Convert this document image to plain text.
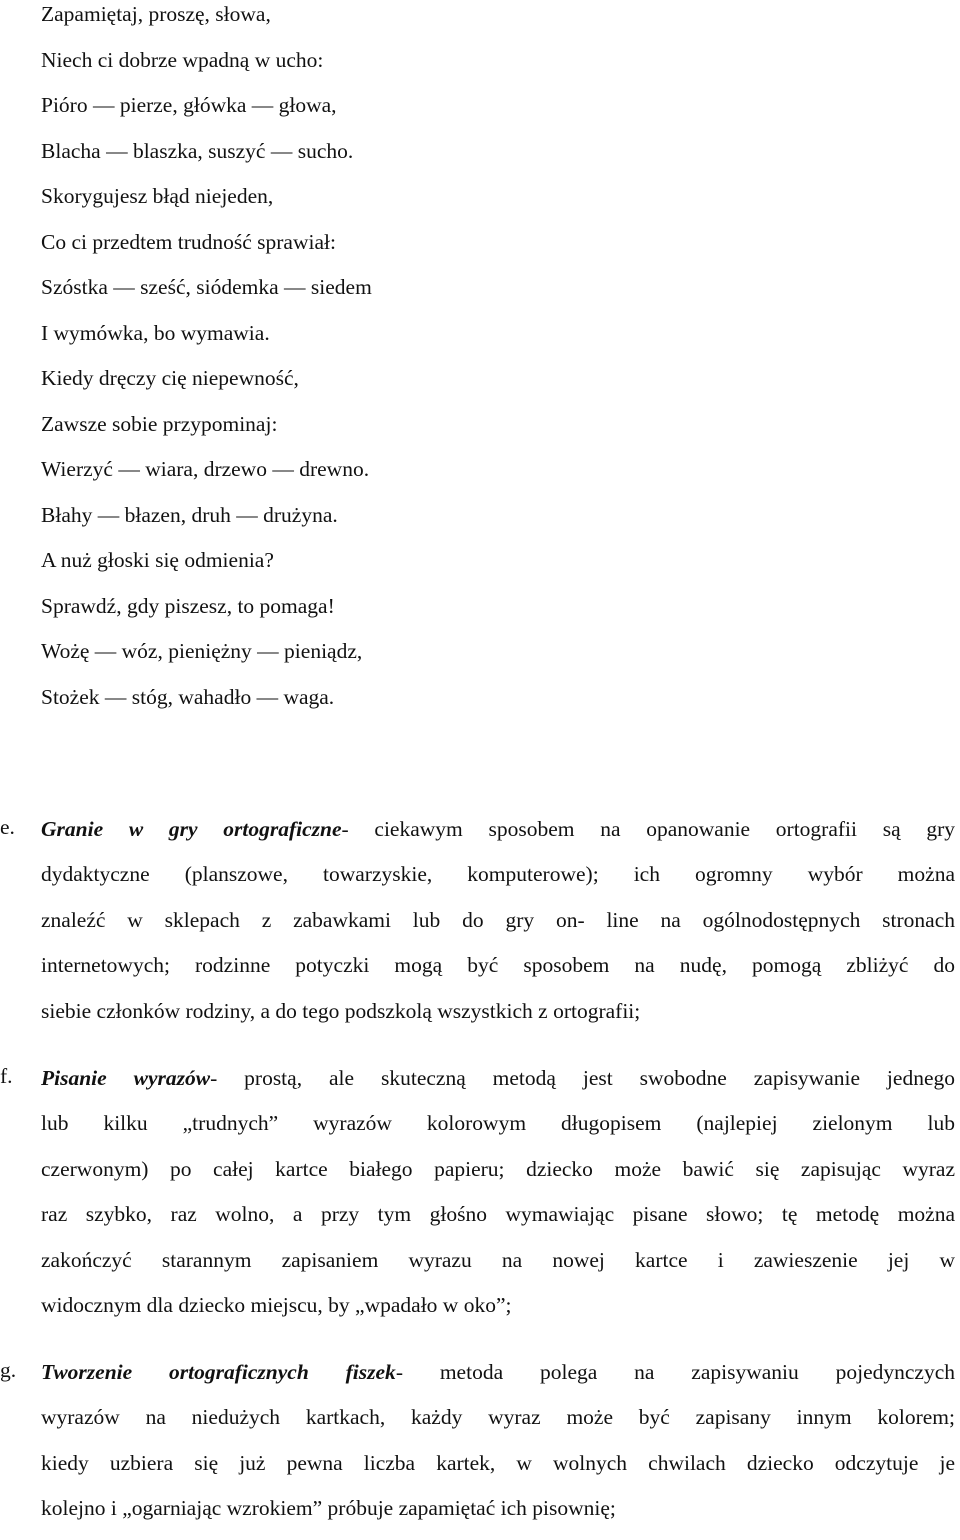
Zapamiętaj, proszę, słowa,
Niech ci dobrze wpadną w ucho:
Pióro — pierze, główka — głowa,
Blacha — blaszka, suszyć — sucho.
Skorygujesz błąd niejeden,
Co ci przedtem trudność sprawiał:
Szóstka — sześć, siódemka — siedem
I wymówka, bo wymawia.
Kiedy dręczy cię niepewność,
Zawsze sobie przypominaj:
Wierzyć — wiara, drzewo — drewno.
Błahy — błazen, druh — drużyna.
A nuż głoski się odmienia?
Sprawdź, gdy piszesz, to pomaga!
Wożę — wóz, pieniężny — pieniądz,
Stożek — stóg, wahadło — waga.
e.	Granie w gry ortograficzne- ciekawym sposobem na opanowanie ortografii są gry
dydaktyczne (planszowe, towarzyskie, komputerowe); ich ogromny wybór można
znaleźć w sklepach z zabawkami lub do gry on- line na ogólnodostępnych stronach
internetowych; rodzinne potyczki mogą być sposobem na nudę, pomogą zbliżyć do
siebie członków rodziny, a do tego podszkolą wszystkich z ortografii;
f.	Pisanie wyrazów- prostą, ale skuteczną metodą jest swobodne zapisywanie jednego
lub kilku „trudnych” wyrazów kolorowym długopisem (najlepiej zielonym lub
czerwonym) po całej kartce białego papieru; dziecko może bawić się zapisując wyraz
raz szybko, raz wolno, a przy tym głośno wymawiając pisane słowo; tę metodę można
zakończyć starannym zapisaniem wyrazu na nowej kartce i zawieszenie jej w
widocznym dla dziecko miejscu, by „wpadało w oko”;
g.	Tworzenie ortograficznych fiszek- metoda polega na zapisywaniu pojedynczych
wyrazów na niedużych kartkach, każdy wyraz może być zapisany innym kolorem;
kiedy uzbiera się już pewna liczba kartek, w wolnych chwilach dziecko odczytuje je
kolejno i „ogarniając wzrokiem” próbuje zapamiętać ich pisownię;
